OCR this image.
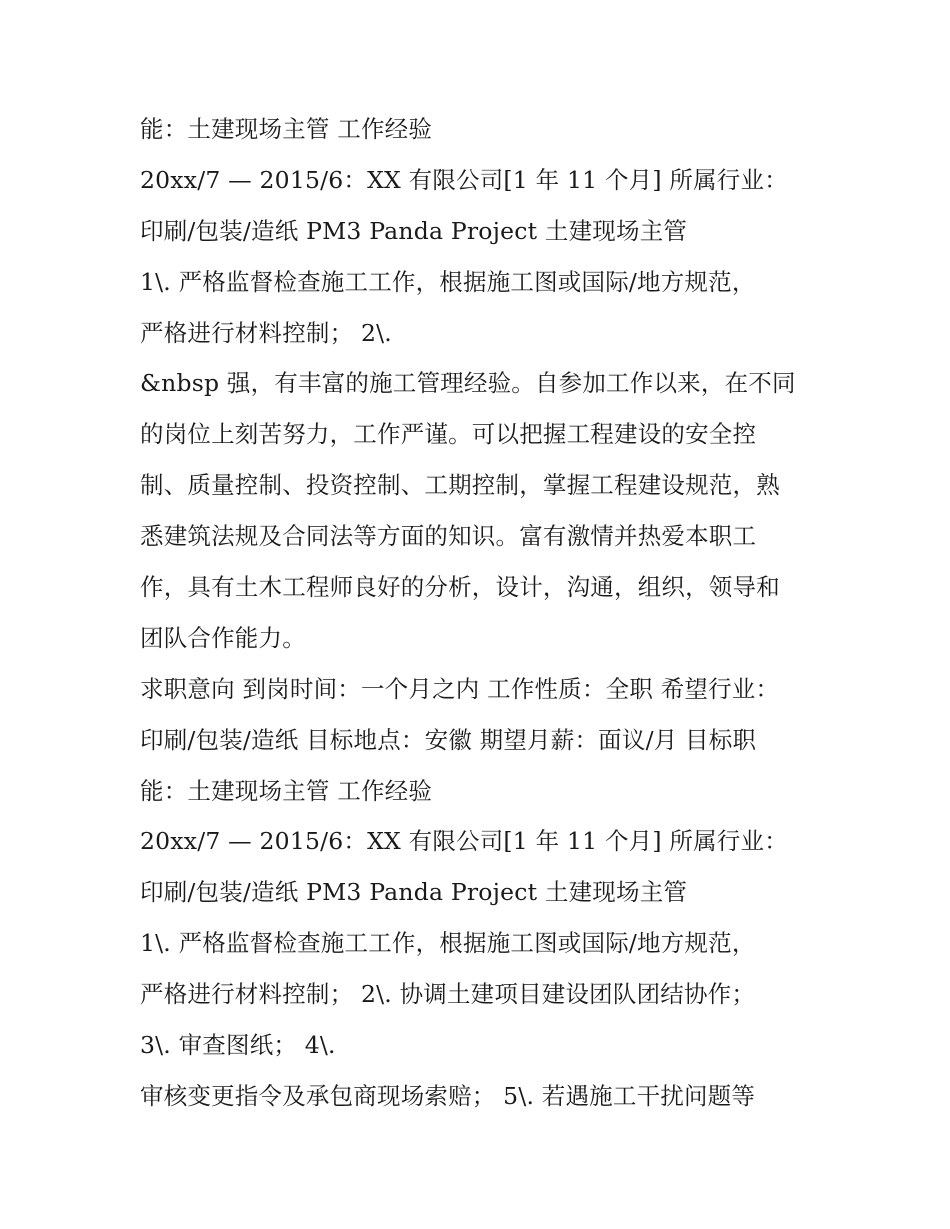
能：土建现场主管 工作经验
20xx/7 — 2015/6：XX 有限公司[1 年 11 个月] 所属行业：
印刷/包装/造纸 PM3 Panda Project 土建现场主管
1\. 严格监督检查施工工作，根据施工图或国际/地方规范，
严格进行材料控制； 2\.
&nbsp 强，有丰富的施工管理经验。自参加工作以来，在不同
的岗位上刻苦努力，工作严谨。可以把握工程建设的安全控
制、质量控制、投资控制、工期控制，掌握工程建设规范，熟
悉建筑法规及合同法等方面的知识。富有激情并热爱本职工
作，具有土木工程师良好的分析，设计，沟通，组织，领导和
团队合作能力。
求职意向 到岗时间：一个月之内 工作性质：全职 希望行业：
印刷/包装/造纸 目标地点：安徽 期望月薪：面议/月 目标职
能：土建现场主管 工作经验
20xx/7 — 2015/6：XX 有限公司[1 年 11 个月] 所属行业：
印刷/包装/造纸 PM3 Panda Project 土建现场主管
1\. 严格监督检查施工工作，根据施工图或国际/地方规范，
严格进行材料控制； 2\. 协调土建项目建设团队团结协作；
3\. 审查图纸； 4\.
审核变更指令及承包商现场索赔； 5\. 若遇施工干扰问题等
